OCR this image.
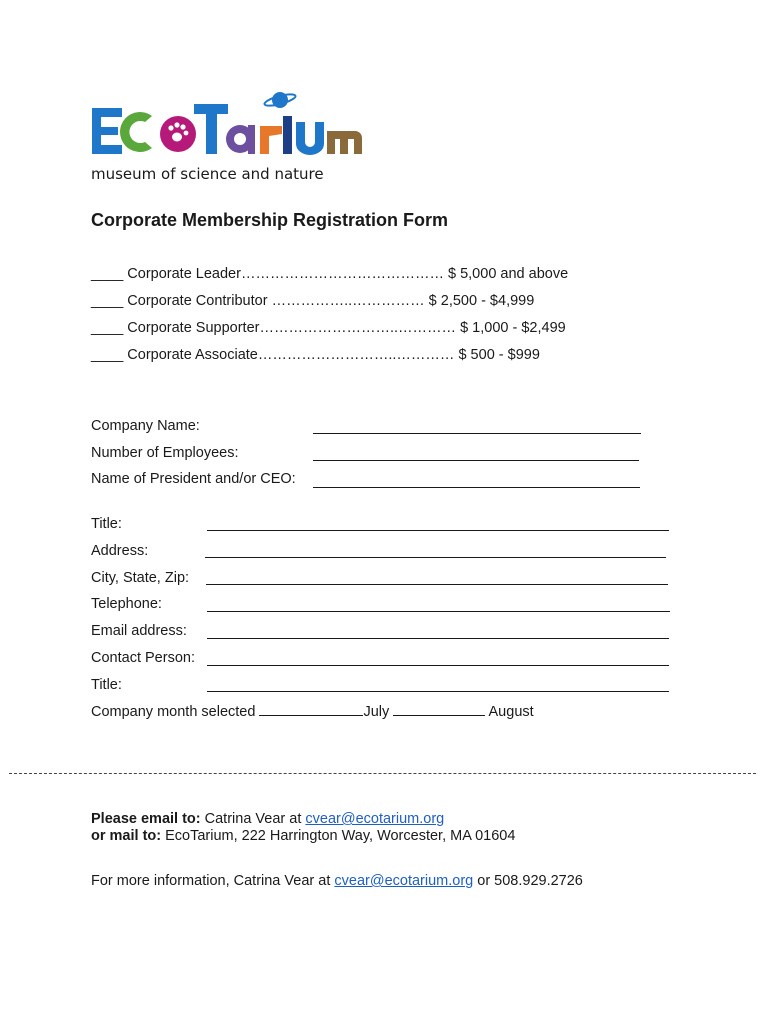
museum of science and nature
Corporate Membership Registration Form
____ Corporate Leader…………………………………… $ 5,000 and above
____ Corporate Contributor ……………..…………… $ 2,500 - $4,999
____ Corporate Supporter………………………..………… $ 1,000 - $2,499
____ Corporate Associate………………………..………… $ 500 - $999
Company Name:
Number of Employees:
Name of President and/or CEO:
Title:
Address:
City, State, Zip:
Telephone:
Email address:
Contact Person:
Title:
Company month selected	July	August
Please email to: Catrina Vear at cvear@ecotarium.org
or mail to: EcoTarium, 222 Harrington Way, Worcester, MA 01604
For more information, Catrina Vear at cvear@ecotarium.org or 508.929.2726
